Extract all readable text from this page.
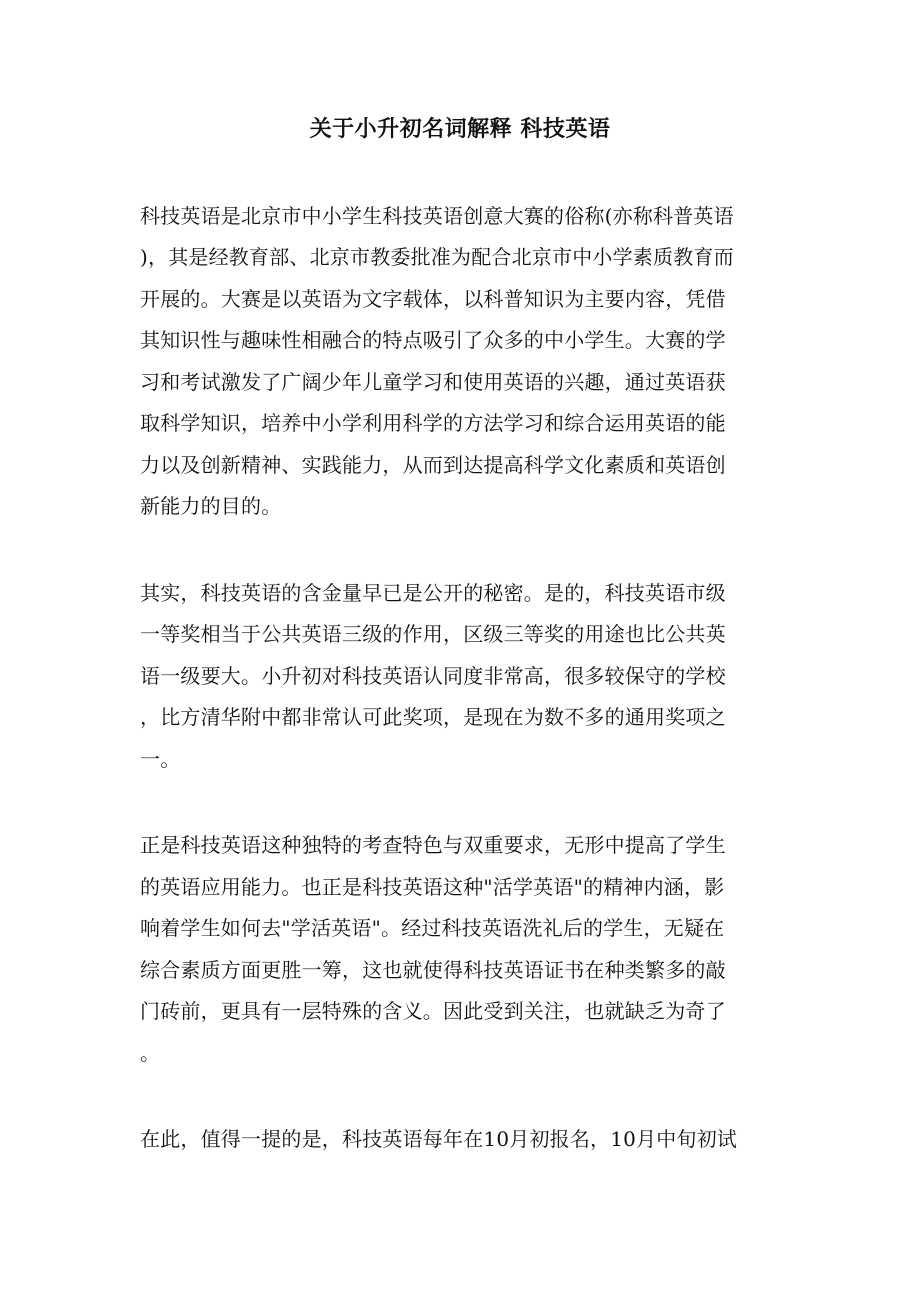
关于小升初名词解释 科技英语
科技英语是北京市中小学生科技英语创意大赛的俗称(亦称科普英语
)，其是经教育部、北京市教委批准为配合北京市中小学素质教育而
开展的。大赛是以英语为文字载体，以科普知识为主要内容，凭借
其知识性与趣味性相融合的特点吸引了众多的中小学生。大赛的学
习和考试激发了广阔少年儿童学习和使用英语的兴趣，通过英语获
取科学知识，培养中小学利用科学的方法学习和综合运用英语的能
力以及创新精神、实践能力，从而到达提高科学文化素质和英语创
新能力的目的。
其实，科技英语的含金量早已是公开的秘密。是的，科技英语市级
一等奖相当于公共英语三级的作用，区级三等奖的用途也比公共英
语一级要大。小升初对科技英语认同度非常高，很多较保守的学校
，比方清华附中都非常认可此奖项，是现在为数不多的通用奖项之
一。
正是科技英语这种独特的考查特色与双重要求，无形中提高了学生
的英语应用能力。也正是科技英语这种"活学英语"的精神内涵，影
响着学生如何去"学活英语"。经过科技英语洗礼后的学生，无疑在
综合素质方面更胜一筹，这也就使得科技英语证书在种类繁多的敲
门砖前，更具有一层特殊的含义。因此受到关注，也就缺乏为奇了
。
在此，值得一提的是，科技英语每年在10月初报名，10月中旬初试
